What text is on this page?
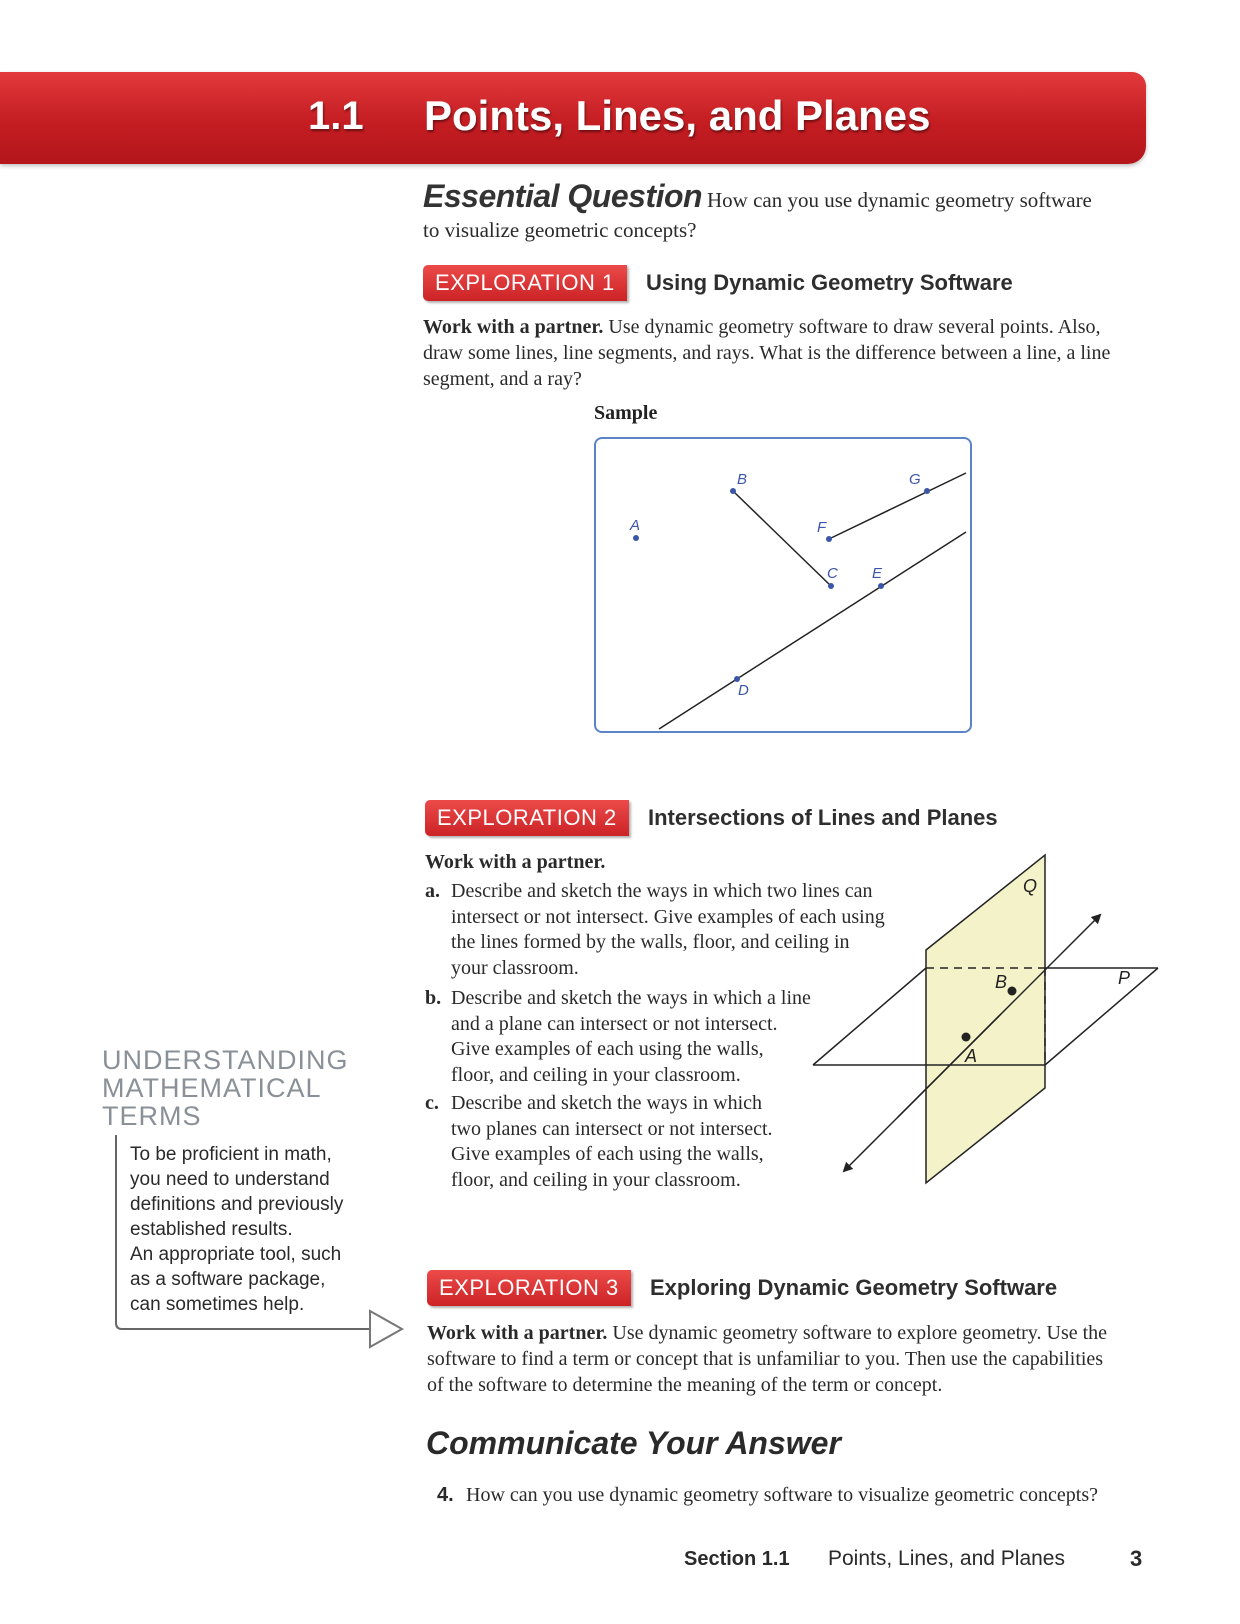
1.1 Points, Lines, and Planes
Essential Question How can you use dynamic geometry software
to visualize geometric concepts?
EXPLORATION 1	Using Dynamic Geometry Software
Work with a partner. Use dynamic geometry software to draw several points. Also,
draw some lines, line segments, and rays. What is the difference between a line, a line
segment, and a ray?
Sample
A
B
C
D
E
F
G
EXPLORATION 2	Intersections of Lines and Planes
Work with a partner.
a. Describe and sketch the ways in which two lines can
intersect or not intersect. Give examples of each using
the lines formed by the walls, floor, and ceiling in
your classroom.
b. Describe and sketch the ways in which a line
and a plane can intersect or not intersect.
Give examples of each using the walls,
floor, and ceiling in your classroom.
c. Describe and sketch the ways in which
two planes can intersect or not intersect.
Give examples of each using the walls,
floor, and ceiling in your classroom.
Q
P
A
B
UNDERSTANDING
MATHEMATICAL
TERMS
To be proficient in math,
you need to understand
definitions and previously
established results.
An appropriate tool, such
as a software package,
can sometimes help.
EXPLORATION 3	Exploring Dynamic Geometry Software
Work with a partner. Use dynamic geometry software to explore geometry. Use the
software to find a term or concept that is unfamiliar to you. Then use the capabilities
of the software to determine the meaning of the term or concept.
Communicate Your Answer
4. How can you use dynamic geometry software to visualize geometric concepts?
Section 1.1 Points, Lines, and Planes	3
